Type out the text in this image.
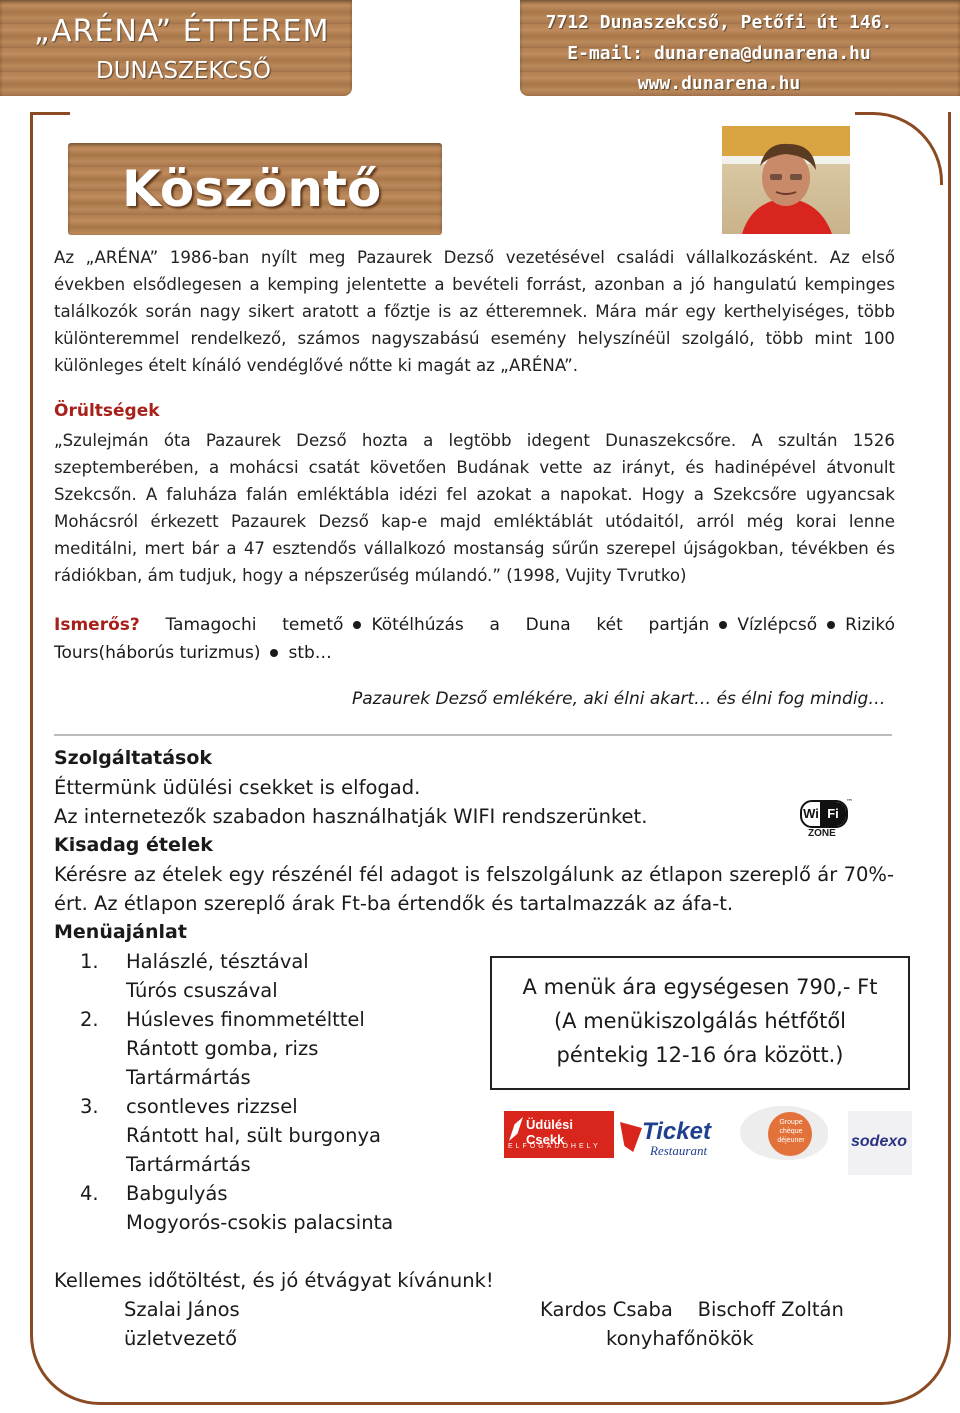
„ARÉNA” ÉTTEREM
DUNASZEKCSŐ
7712 Dunaszekcső, Petőfi út 146.
E-mail: dunarena@dunarena.hu
www.dunarena.hu
Köszöntő
Az „ARÉNA” 1986-ban nyílt meg Pazaurek Dezső vezetésével családi vállalkozásként. Az első években elsődlegesen a kemping jelentette a bevételi forrást, azonban a jó hangulatú kempinges találkozók során nagy sikert aratott a főztje is az étteremnek. Mára már egy kerthelyiséges, több különteremmel rendelkező, számos nagyszabású esemény helyszínéül szolgáló, több mint 100 különleges ételt kínáló vendéglővé nőtte ki magát az „ARÉNA”.
Örültségek
„Szulejmán óta Pazaurek Dezső hozta a legtöbb idegent Dunaszekcsőre. A szultán 1526 szeptemberében, a mohácsi csatát követően Budának vette az irányt, és hadinépével átvonult Szekcsőn. A faluháza falán emléktábla idézi fel azokat a napokat. Hogy a Szekcsőre ugyancsak Mohácsról érkezett Pazaurek Dezső kap-e majd emléktáblát utódaitól, arról még korai lenne meditálni, mert bár a 47 esztendős vállalkozó mostanság sűrűn szerepel újságokban, tévékben és rádiókban, ám tudjuk, hogy a népszerűség múlandó.” (1998, Vujity Tvrutko)
Ismerős? Tamagochi temető Kötélhúzás a Duna két partján Vízlépcső Rizikó Tours(háborús turizmus) stb…
Pazaurek Dezső emlékére, aki élni akart… és élni fog mindig…
Szolgáltatások
Éttermünk üdülési csekket is elfogad.
Az internetezők szabadon használhatják WIFI rendszerünket.	Wi Fi
™
ZONE
Kisadag ételek
Kérésre az ételek egy részénél fél adagot is felszolgálunk az étlapon szereplő ár 70%-ért. Az étlapon szereplő árak Ft-ba értendők és tartalmazzák az áfa-t.
Menüajánlat
1. Halászlé, tésztával
Túrós csuszával
2. Húsleves finommetélttel
Rántott gomba, rizs
Tartármártás
3. csontleves rizzsel
Rántott hal, sült burgonya
Tartármártás
4. Babgulyás
Mogyorós-csokis palacsinta
A menük ára egységesen 790,- Ft
(A menükiszolgálás hétfőtől
péntekig 12-16 óra között.)
Üdülési Csekk
ELFOGADÓHELY
Ticket
Restaurant
Groupe
chèque
déjeuner	sodexo
Kellemes időtöltést, és jó étvágyat kívánunk!
Szalai János
üzletvezető
Kardos Csaba    Bischoff Zoltán
konyhafőnökök
